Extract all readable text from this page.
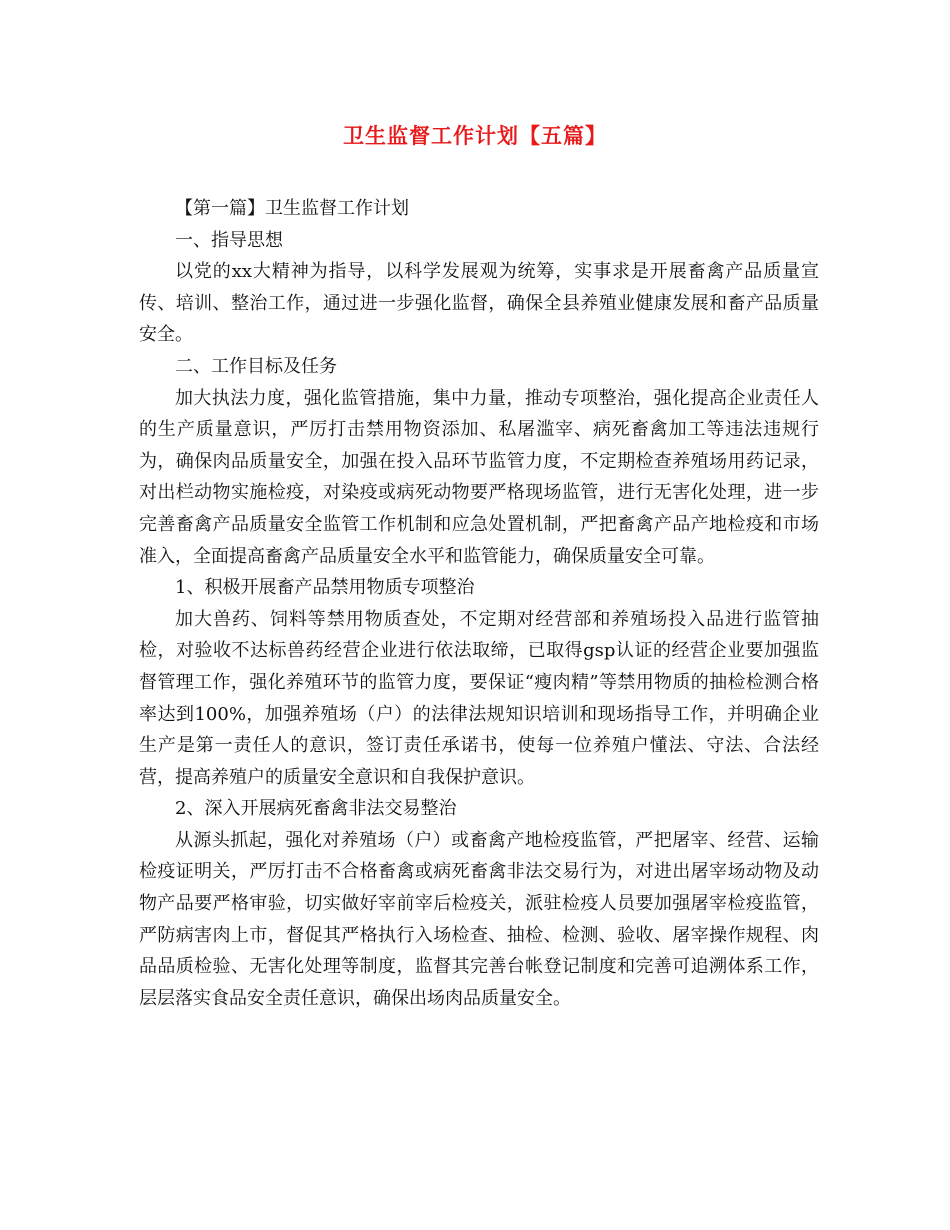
卫生监督工作计划【五篇】

【第一篇】卫生监督工作计划

一、指导思想

以党的xx大精神为指导，以科学发展观为统筹，实事求是开展畜禽产品质量宣传、培训、整治工作，通过进一步强化监督，确保全县养殖业健康发展和畜产品质量安全。

二、工作目标及任务

加大执法力度，强化监管措施，集中力量，推动专项整治，强化提高企业责任人的生产质量意识，严厉打击禁用物资添加、私屠滥宰、病死畜禽加工等违法违规行为，确保肉品质量安全，加强在投入品环节监管力度，不定期检查养殖场用药记录，对出栏动物实施检疫，对染疫或病死动物要严格现场监管，进行无害化处理，进一步完善畜禽产品质量安全监管工作机制和应急处置机制，严把畜禽产品产地检疫和市场准入，全面提高畜禽产品质量安全水平和监管能力，确保质量安全可靠。

1、积极开展畜产品禁用物质专项整治

加大兽药、饲料等禁用物质查处，不定期对经营部和养殖场投入品进行监管抽检，对验收不达标兽药经营企业进行依法取缔，已取得gsp认证的经营企业要加强监督管理工作，强化养殖环节的监管力度，要保证“瘦肉精”等禁用物质的抽检检测合格率达到100%，加强养殖场（户）的法律法规知识培训和现场指导工作，并明确企业生产是第一责任人的意识，签订责任承诺书，使每一位养殖户懂法、守法、合法经营，提高养殖户的质量安全意识和自我保护意识。

2、深入开展病死畜禽非法交易整治

从源头抓起，强化对养殖场（户）或畜禽产地检疫监管，严把屠宰、经营、运输检疫证明关，严厉打击不合格畜禽或病死畜禽非法交易行为，对进出屠宰场动物及动物产品要严格审验，切实做好宰前宰后检疫关，派驻检疫人员要加强屠宰检疫监管，严防病害肉上市，督促其严格执行入场检查、抽检、检测、验收、屠宰操作规程、肉品品质检验、无害化处理等制度，监督其完善台帐登记制度和完善可追溯体系工作，层层落实食品安全责任意识，确保出场肉品质量安全。
